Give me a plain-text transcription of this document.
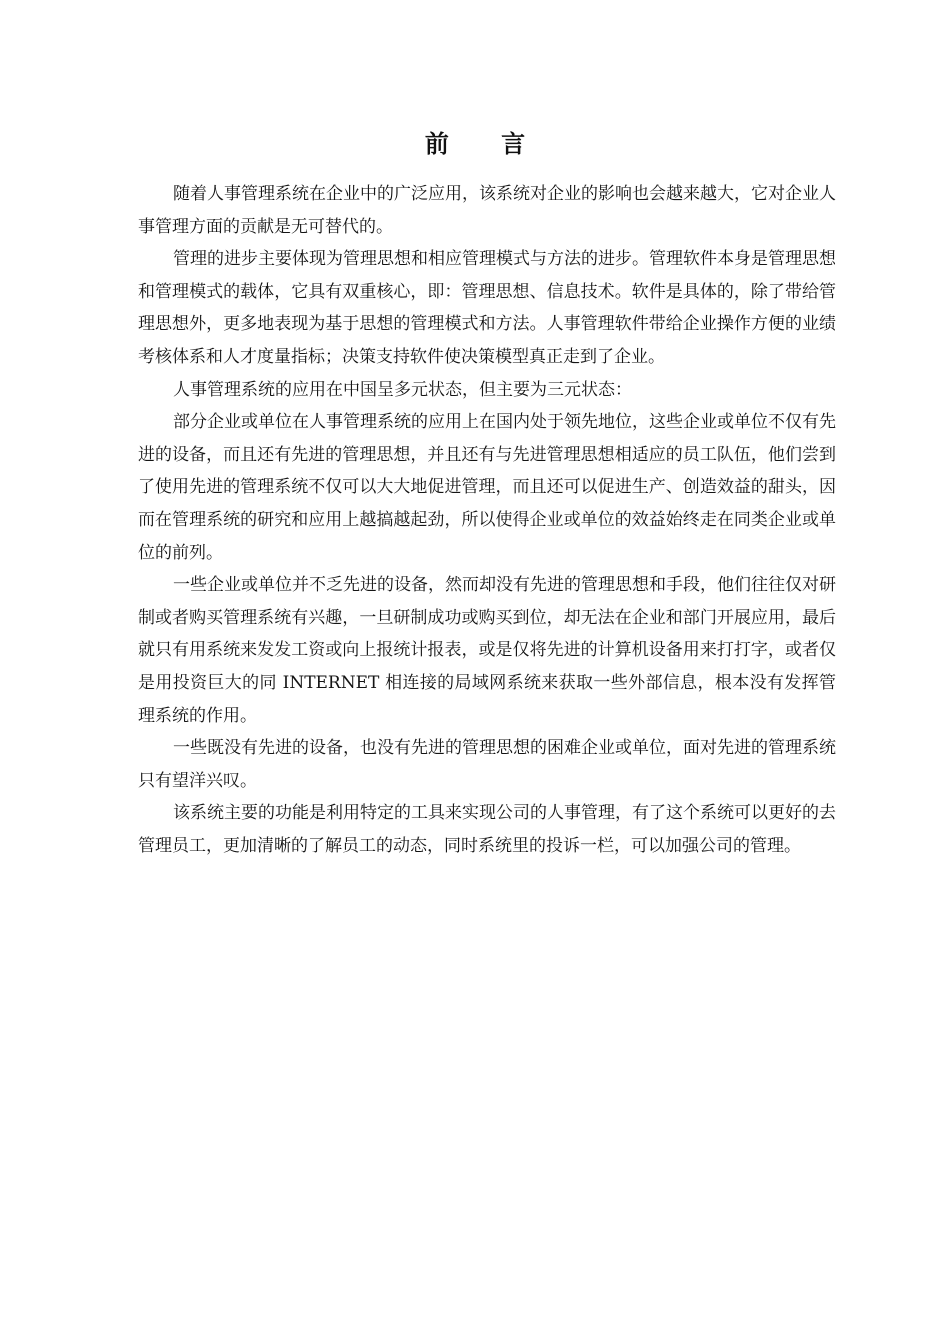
前 言

随着人事管理系统在企业中的广泛应用，该系统对企业的影响也会越来越大，它对企业人事管理方面的贡献是无可替代的。

管理的进步主要体现为管理思想和相应管理模式与方法的进步。管理软件本身是管理思想和管理模式的载体，它具有双重核心，即：管理思想、信息技术。软件是具体的，除了带给管理思想外，更多地表现为基于思想的管理模式和方法。人事管理软件带给企业操作方便的业绩考核体系和人才度量指标；决策支持软件使决策模型真正走到了企业。

人事管理系统的应用在中国呈多元状态，但主要为三元状态：

部分企业或单位在人事管理系统的应用上在国内处于领先地位，这些企业或单位不仅有先进的设备，而且还有先进的管理思想，并且还有与先进管理思想相适应的员工队伍，他们尝到了使用先进的管理系统不仅可以大大地促进管理，而且还可以促进生产、创造效益的甜头，因而在管理系统的研究和应用上越搞越起劲，所以使得企业或单位的效益始终走在同类企业或单位的前列。

一些企业或单位并不乏先进的设备，然而却没有先进的管理思想和手段，他们往往仅对研制或者购买管理系统有兴趣，一旦研制成功或购买到位，却无法在企业和部门开展应用，最后就只有用系统来发发工资或向上报统计报表，或是仅将先进的计算机设备用来打打字，或者仅是用投资巨大的同 INTERNET 相连接的局域网系统来获取一些外部信息，根本没有发挥管理系统的作用。

一些既没有先进的设备，也没有先进的管理思想的困难企业或单位，面对先进的管理系统只有望洋兴叹。

该系统主要的功能是利用特定的工具来实现公司的人事管理，有了这个系统可以更好的去管理员工，更加清晰的了解员工的动态，同时系统里的投诉一栏，可以加强公司的管理。
